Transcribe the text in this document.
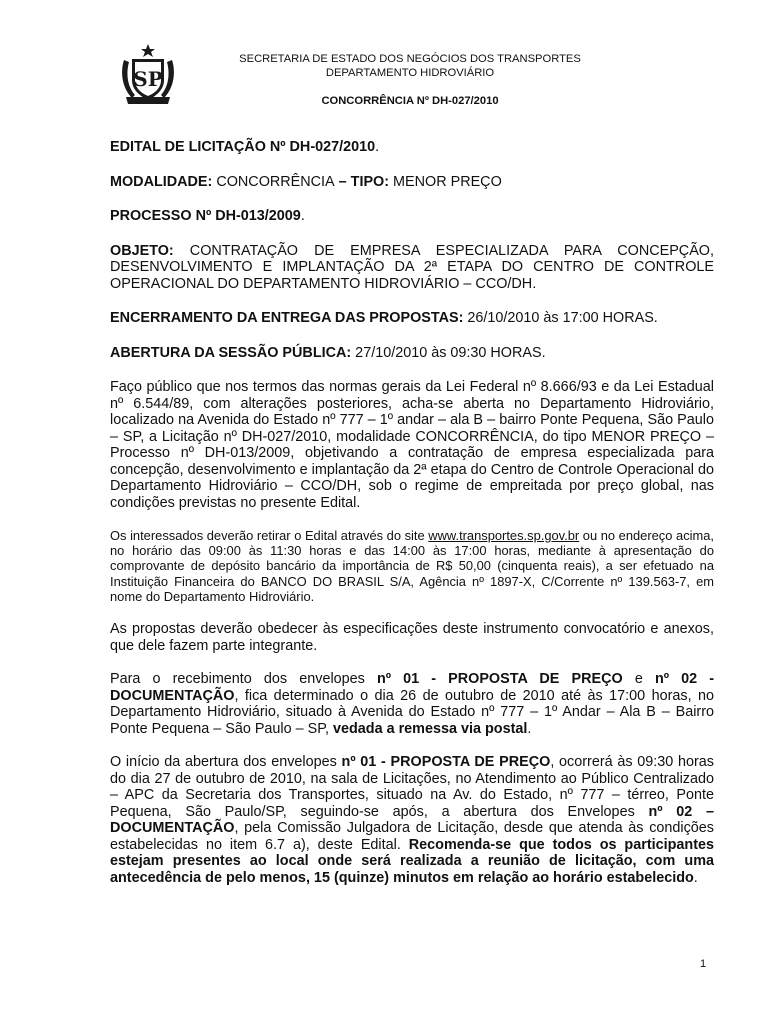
SP
SECRETARIA DE ESTADO DOS NEGÓCIOS DOS TRANSPORTES
DEPARTAMENTO HIDROVIÁRIO
CONCORRÊNCIA Nº DH-027/2010

EDITAL DE LICITAÇÃO Nº DH-027/2010.

MODALIDADE: CONCORRÊNCIA – TIPO: MENOR PREÇO

PROCESSO Nº DH-013/2009.

OBJETO: CONTRATAÇÃO DE EMPRESA ESPECIALIZADA PARA CONCEPÇÃO, DESENVOLVIMENTO E IMPLANTAÇÃO DA 2ª ETAPA DO CENTRO DE CONTROLE OPERACIONAL DO DEPARTAMENTO HIDROVIÁRIO – CCO/DH.

ENCERRAMENTO DA ENTREGA DAS PROPOSTAS: 26/10/2010 às 17:00 HORAS.

ABERTURA DA SESSÃO PÚBLICA: 27/10/2010 às 09:30 HORAS.

Faço público que nos termos das normas gerais da Lei Federal nº 8.666/93 e da Lei Estadual nº 6.544/89, com alterações posteriores, acha-se aberta no Departamento Hidroviário, localizado na Avenida do Estado nº 777 – 1º andar – ala B – bairro Ponte Pequena, São Paulo – SP, a Licitação nº DH-027/2010, modalidade CONCORRÊNCIA, do tipo MENOR PREÇO – Processo nº DH-013/2009, objetivando a contratação de empresa especializada para concepção, desenvolvimento e implantação da 2ª etapa do Centro de Controle Operacional do Departamento Hidroviário – CCO/DH, sob o regime de empreitada por preço global, nas condições previstas no presente Edital.

Os interessados deverão retirar o Edital através do site www.transportes.sp.gov.br ou no endereço acima, no horário das 09:00 às 11:30 horas e das 14:00 às 17:00 horas, mediante à apresentação do comprovante de depósito bancário da importância de R$ 50,00 (cinquenta reais), a ser efetuado na Instituição Financeira do BANCO DO BRASIL S/A, Agência nº 1897-X, C/Corrente nº 139.563-7, em nome do Departamento Hidroviário.

As propostas deverão obedecer às especificações deste instrumento convocatório e anexos, que dele fazem parte integrante.

Para o recebimento dos envelopes nº 01 - PROPOSTA DE PREÇO e nº 02 - DOCUMENTAÇÃO, fica determinado o dia 26 de outubro de 2010 até às 17:00 horas, no Departamento Hidroviário, situado à Avenida do Estado nº 777 – 1º Andar – Ala B – Bairro Ponte Pequena – São Paulo – SP, vedada a remessa via postal.

O início da abertura dos envelopes nº 01 - PROPOSTA DE PREÇO, ocorrerá às 09:30 horas do dia 27 de outubro de 2010, na sala de Licitações, no Atendimento ao Público Centralizado – APC da Secretaria dos Transportes, situado na Av. do Estado, nº 777 – térreo, Ponte Pequena, São Paulo/SP, seguindo-se após, a abertura dos Envelopes nº 02 – DOCUMENTAÇÃO, pela Comissão Julgadora de Licitação, desde que atenda às condições estabelecidas no item 6.7 a), deste Edital. Recomenda-se que todos os participantes estejam presentes ao local onde será realizada a reunião de licitação, com uma antecedência de pelo menos, 15 (quinze) minutos em relação ao horário estabelecido.

1
